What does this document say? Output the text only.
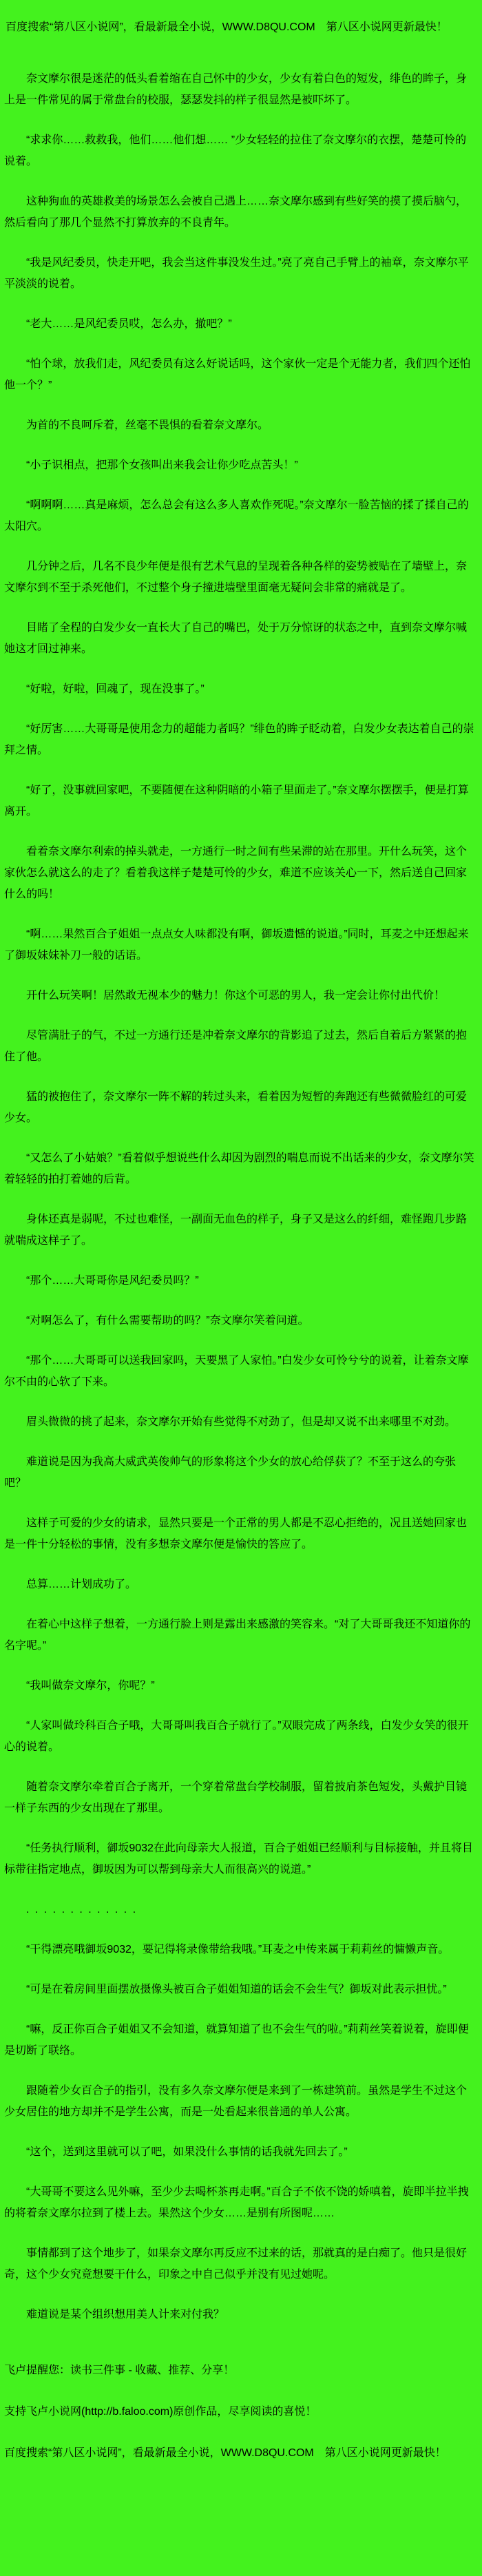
百度搜索“第八区小说网”，看最新最全小说，WWW.D8QU.COM　第八区小说网更新最快！

奈文摩尔很是迷茫的低头看着缩在自己怀中的少女，少女有着白色的短发，绯色的眸子，身上是一件常见的属于常盘台的校服，瑟瑟发抖的样子很显然是被吓坏了。

“求求你……救救我，他们……他们想…… ”少女轻轻的拉住了奈文摩尔的衣摆，楚楚可怜的说着。

这种狗血的英雄救美的场景怎么会被自己遇上……奈文摩尔感到有些好笑的摸了摸后脑勺，然后看向了那几个显然不打算放弃的不良青年。

“我是风纪委员，快走开吧，我会当这件事没发生过。”亮了亮自己手臂上的袖章，奈文摩尔平平淡淡的说着。

“老大……是风纪委员哎，怎么办，撤吧？”

“怕个球，放我们走，风纪委员有这么好说话吗，这个家伙一定是个无能力者，我们四个还怕他一个？”

为首的不良呵斥着，丝毫不畏惧的看着奈文摩尔。

“小子识相点，把那个女孩叫出来我会让你少吃点苦头！”

“啊啊啊……真是麻烦，怎么总会有这么多人喜欢作死呢。”奈文摩尔一脸苦恼的揉了揉自己的太阳穴。

几分钟之后，几名不良少年便是很有艺术气息的呈现着各种各样的姿势被贴在了墙壁上，奈文摩尔到不至于杀死他们，不过整个身子撞进墙壁里面毫无疑问会非常的痛就是了。

目睹了全程的白发少女一直长大了自己的嘴巴，处于万分惊讶的状态之中，直到奈文摩尔喊她这才回过神来。

“好啦，好啦，回魂了，现在没事了。”

“好厉害……大哥哥是使用念力的超能力者吗？”绯色的眸子眨动着，白发少女表达着自己的崇拜之情。

“好了，没事就回家吧，不要随便在这种阴暗的小箱子里面走了。”奈文摩尔摆摆手，便是打算离开。

看着奈文摩尔利索的掉头就走，一方通行一时之间有些呆滞的站在那里。开什么玩笑，这个家伙怎么就这么的走了？看着我这样子楚楚可怜的少女，难道不应该关心一下，然后送自己回家什么的吗！

“啊……果然百合子姐姐一点点女人味都没有啊，御坂遗憾的说道。”同时，耳麦之中还想起来了御坂妹妹补刀一般的话语。

开什么玩笑啊！居然敢无视本少的魅力！你这个可恶的男人，我一定会让你付出代价！

尽管满肚子的气，不过一方通行还是冲着奈文摩尔的背影追了过去，然后自着后方紧紧的抱住了他。

猛的被抱住了，奈文摩尔一阵不解的转过头来，看着因为短暂的奔跑还有些微微脸红的可爱少女。

“又怎么了小姑娘？”看着似乎想说些什么却因为剧烈的喘息而说不出话来的少女，奈文摩尔笑着轻轻的拍打着她的后背。

身体还真是弱呢，不过也难怪，一副面无血色的样子，身子又是这么的纤细，难怪跑几步路就喘成这样子了。

“那个……大哥哥你是风纪委员吗？”

“对啊怎么了，有什么需要帮助的吗？”奈文摩尔笑着问道。

“那个……大哥哥可以送我回家吗，天要黑了人家怕。”白发少女可怜兮兮的说着，让着奈文摩尔不由的心软了下来。

眉头微微的挑了起来，奈文摩尔开始有些觉得不对劲了，但是却又说不出来哪里不对劲。

难道说是因为我高大威武英俊帅气的形象将这个少女的放心给俘获了？不至于这么的夸张吧？

这样子可爱的少女的请求，显然只要是一个正常的男人都是不忍心拒绝的，况且送她回家也是一件十分轻松的事情，没有多想奈文摩尔便是愉快的答应了。

总算……计划成功了。

在着心中这样子想着，一方通行脸上则是露出来感激的笑容来。“对了大哥哥我还不知道你的名字呢。”

“我叫做奈文摩尔，你呢？”

“人家叫做玲科百合子哦，大哥哥叫我百合子就行了。”双眼完成了两条线，白发少女笑的很开心的说着。

随着奈文摩尔牵着百合子离开，一个穿着常盘台学校制服，留着披肩茶色短发，头戴护目镜一样子东西的少女出现在了那里。

“任务执行顺利，御坂9032在此向母亲大人报道，百合子姐姐已经顺利与目标接触，并且将目标带往指定地点，御坂因为可以帮到母亲大人而很高兴的说道。”

. . . . . . . . . . . . .

“干得漂亮哦御坂9032，要记得将录像带给我哦。”耳麦之中传来属于莉莉丝的慵懒声音。

“可是在着房间里面摆放摄像头被百合子姐姐知道的话会不会生气？御坂对此表示担忧。”

“嘛，反正你百合子姐姐又不会知道，就算知道了也不会生气的啦。”莉莉丝笑着说着，旋即便是切断了联络。

跟随着少女百合子的指引，没有多久奈文摩尔便是来到了一栋建筑前。虽然是学生不过这个少女居住的地方却并不是学生公寓，而是一处看起来很普通的单人公寓。

“这个，送到这里就可以了吧，如果没什么事情的话我就先回去了。”

“大哥哥不要这么见外嘛，至少少去喝杯茶再走啊。”百合子不依不饶的娇嗔着，旋即半拉半拽的将着奈文摩尔拉到了楼上去。果然这个少女……是别有所图呢……

事情都到了这个地步了，如果奈文摩尔再反应不过来的话，那就真的是白痴了。他只是很好奇，这个少女究竟想要干什么，印象之中自己似乎并没有见过她呢。

难道说是某个组织想用美人计来对付我？

飞卢提醒您：读书三件事 - 收藏、推荐、分享！

支持飞卢小说网(http://b.faloo.com)原创作品，尽享阅读的喜悦！

百度搜索“第八区小说网”，看最新最全小说，WWW.D8QU.COM　第八区小说网更新最快！
